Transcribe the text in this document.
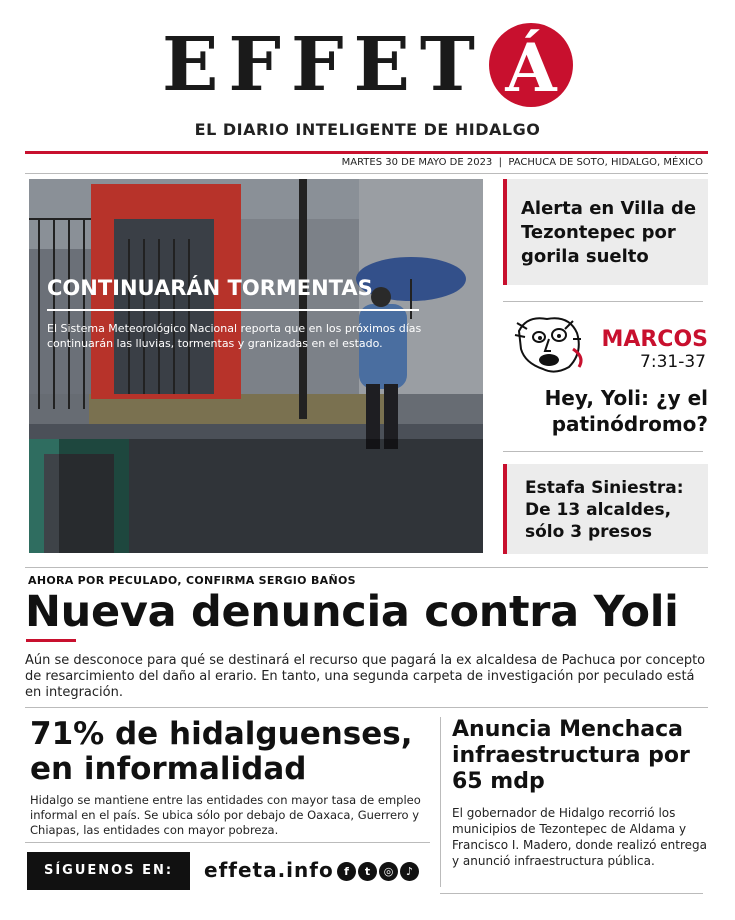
EFFET Á
EL DIARIO INTELIGENTE DE HIDALGO
MARTES 30 DE MAYO DE 2023  |  PACHUCA DE SOTO, HIDALGO, MÉXICO
CONTINUARÁN TORMENTAS
El Sistema Meteorológico Nacional reporta que en los próximos días continuarán las lluvias, tormentas y granizadas en el estado.
Alerta en Villa de Tezontepec por gorila suelto
MARCOS
7:31-37
Hey, Yoli: ¿y el patinódromo?
Estafa Siniestra: De 13 alcaldes, sólo 3 presos
AHORA POR PECULADO, CONFIRMA SERGIO BAÑOS
Nueva denuncia contra Yoli
Aún se desconoce para qué se destinará el recurso que pagará la ex alcaldesa de Pachuca por concepto de resarcimiento del daño al erario. En tanto, una segunda carpeta de investigación por peculado está en integración.
71% de hidalguenses, en informalidad
Hidalgo se mantiene entre las entidades con mayor tasa de empleo informal en el país. Se ubica sólo por debajo de Oaxaca, Guerrero y Chiapas, las entidades con mayor pobreza.
Anuncia Menchaca infraestructura por 65 mdp
El gobernador de Hidalgo recorrió los municipios de Tezontepec de Aldama y Francisco I. Madero, donde realizó entrega y anunció infraestructura pública.
SÍGUENOS EN:	effeta.info f t ◎ ♪
